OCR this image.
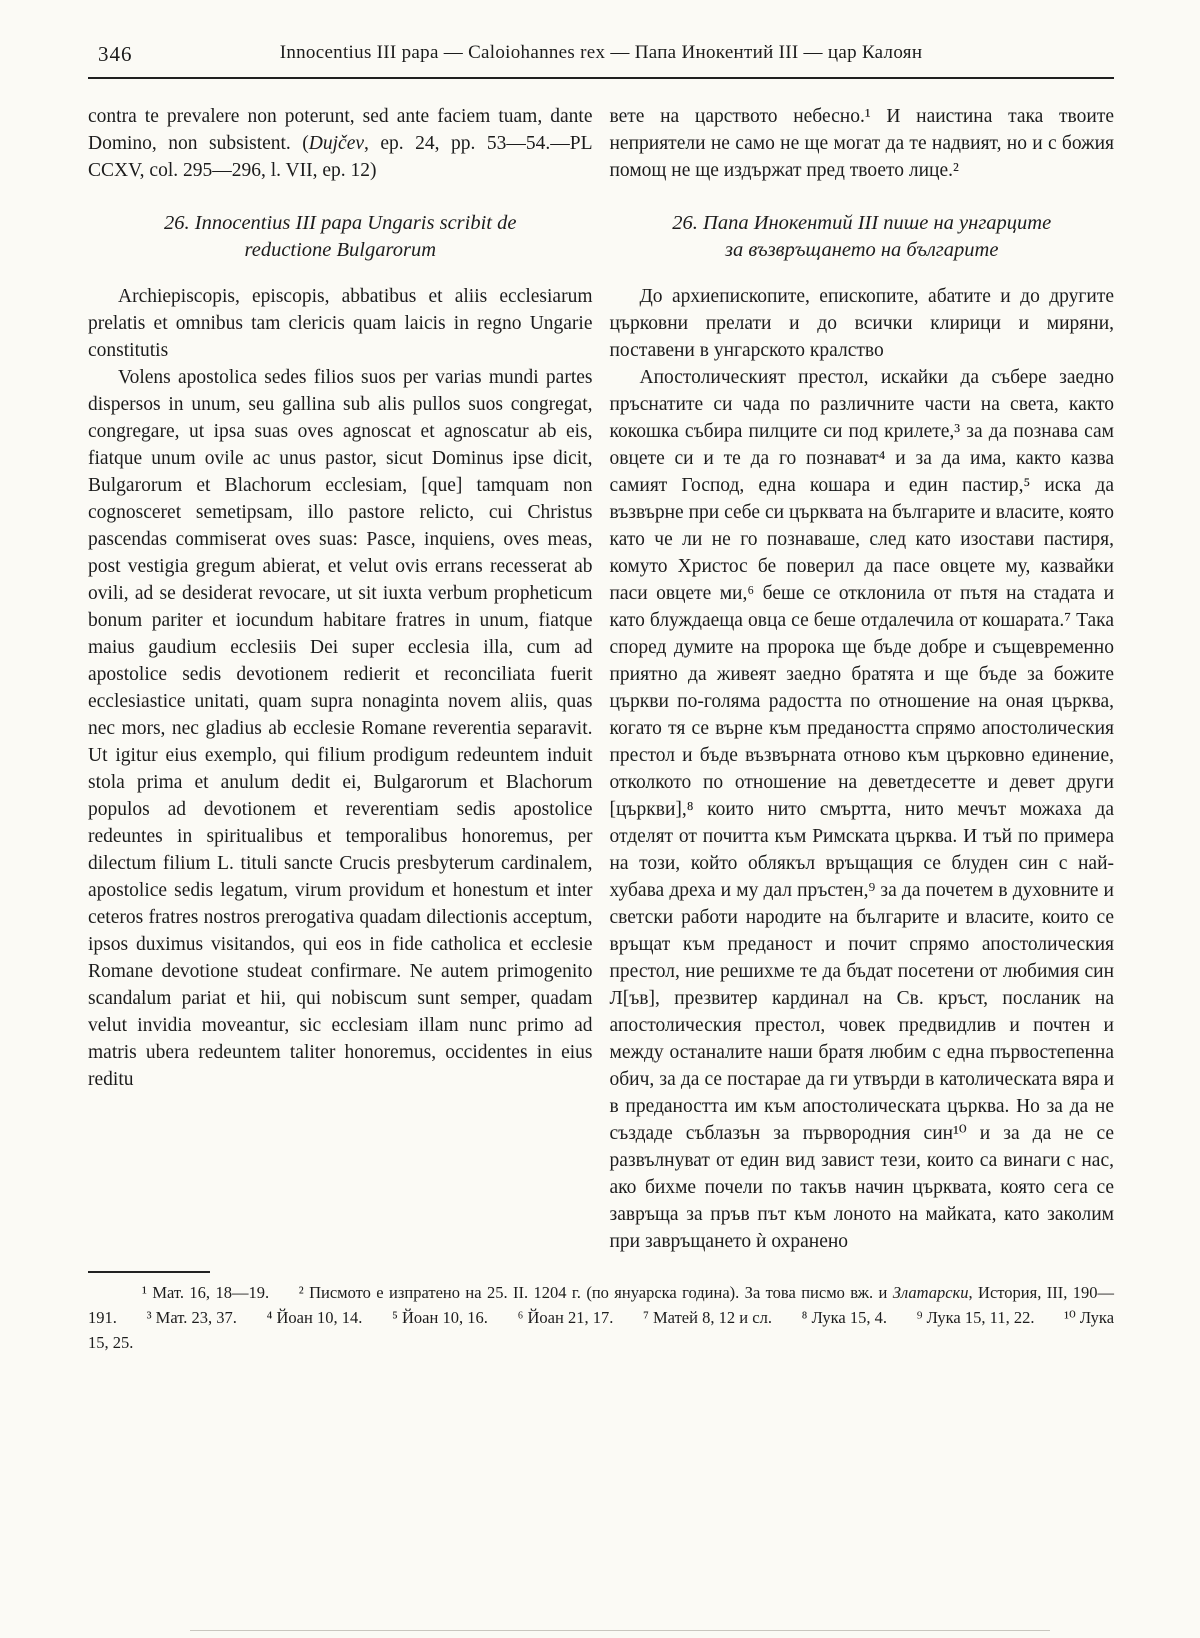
346	Innocentius III papa — Caloiohannes rex — Папа Инокентий III — цар Калоян

contra te prevalere non poterunt, sed ante faciem tuam, dante Domino, non subsistent. (Dujčev, ep. 24, pp. 53—54.—PL CCXV, col. 295—296, l. VII, ep. 12)

26. Innocentius III papa Ungaris scribit de
reductione Bulgarorum

Archiepiscopis, episcopis, abbatibus et aliis ecclesiarum prelatis et omnibus tam clericis quam laicis in regno Ungarie constitutis

Volens apostolica sedes filios suos per varias mundi partes dispersos in unum, seu gallina sub alis pullos suos congregat, congregare, ut ipsa suas oves agnoscat et agnoscatur ab eis, fiatque unum ovile ac unus pastor, sicut Dominus ipse dicit, Bulgarorum et Blachorum ecclesiam, [que] tamquam non cognosceret semetipsam, illo pastore relicto, cui Christus pascendas commiserat oves suas: Pasce, inquiens, oves meas, post vestigia gregum abierat, et velut ovis errans recesserat ab ovili, ad se desiderat revocare, ut sit iuxta verbum propheticum bonum pariter et iocundum habitare fratres in unum, fiatque maius gaudium ecclesiis Dei super ecclesia illa, cum ad apostolice sedis devotionem redierit et reconciliata fuerit ecclesiastice unitati, quam supra nonaginta novem aliis, quas nec mors, nec gladius ab ecclesie Romane reverentia separavit. Ut igitur eius exemplo, qui filium prodigum redeuntem induit stola prima et anulum dedit ei, Bulgarorum et Blachorum populos ad devotionem et reverentiam sedis apostolice redeuntes in spiritualibus et temporalibus honoremus, per dilectum filium L. tituli sancte Crucis presbyterum cardinalem, apostolice sedis legatum, virum providum et honestum et inter ceteros fratres nostros prerogativa quadam dilectionis acceptum, ipsos duximus visitandos, qui eos in fide catholica et ecclesie Romane devotione studeat confirmare. Ne autem primogenito scandalum pariat et hii, qui nobiscum sunt semper, quadam velut invidia moveantur, sic ecclesiam illam nunc primo ad matris ubera redeuntem taliter honoremus, occidentes in eius reditu

вете на царството небесно.¹ И наистина така твоите неприятели не само не ще могат да те надвият, но и с божия помощ не ще издържат пред твоето лице.²

26. Папа Инокентий III пише на унгарците
за възвръщането на българите

До архиепископите, епископите, абатите и до другите църковни прелати и до всички клирици и миряни, поставени в унгарското кралство

Апостолическият престол, искайки да събере заедно пръснатите си чада по различните части на света, както кокошка събира пилците си под крилете,³ за да познава сам овцете си и те да го познават⁴ и за да има, както казва самият Господ, една кошара и един пастир,⁵ иска да възвърне при себе си църквата на българите и власите, която като че ли не го познаваше, след като изостави пастиря, комуто Христос бе поверил да пасе овцете му, казвайки паси овцете ми,⁶ беше се отклонила от пътя на стадата и като блуждаеща овца се беше отдалечила от кошарата.⁷ Така според думите на пророка ще бъде добре и същевременно приятно да живеят заедно братята и ще бъде за божите църкви по-голяма радостта по отношение на оная църква, когато тя се върне към предаността спрямо апостолическия престол и бъде възвърната отново към църковно единение, отколкото по отношение на деветдесетте и девет други [църкви],⁸ които нито смъртта, нито мечът можаха да отделят от почитта към Римската църква. И тъй по примера на този, който облякъл връщащия се блуден син с най-хубава дреха и му дал пръстен,⁹ за да почетем в духовните и светски работи народите на българите и власите, които се връщат към преданост и почит спрямо апостолическия престол, ние решихме те да бъдат посетени от любимия син Л[ъв], презвитер кардинал на Св. кръст, посланик на апостолическия престол, човек предвидлив и почтен и между останалите наши братя любим с една първостепенна обич, за да се постарае да ги утвърди в католическата вяра и в предаността им към апостолическата църква. Но за да не създаде съблазън за първородния син¹⁰ и за да не се развълнуват от един вид завист тези, които са винаги с нас, ако бихме почели по такъв начин църквата, която сега се завръща за пръв път към лоното на майката, като заколим при завръщането ѝ охранено

¹ Мат. 16, 18—19. ² Писмото е изпратено на 25. II. 1204 г. (по януарска година). За това писмо вж. и Златарски, История, III, 190—191. ³ Мат. 23, 37. ⁴ Йоан 10, 14. ⁵ Йоан 10, 16. ⁶ Йоан 21, 17. ⁷ Матей 8, 12 и сл. ⁸ Лука 15, 4. ⁹ Лука 15, 11, 22. ¹⁰ Лука 15, 25.
